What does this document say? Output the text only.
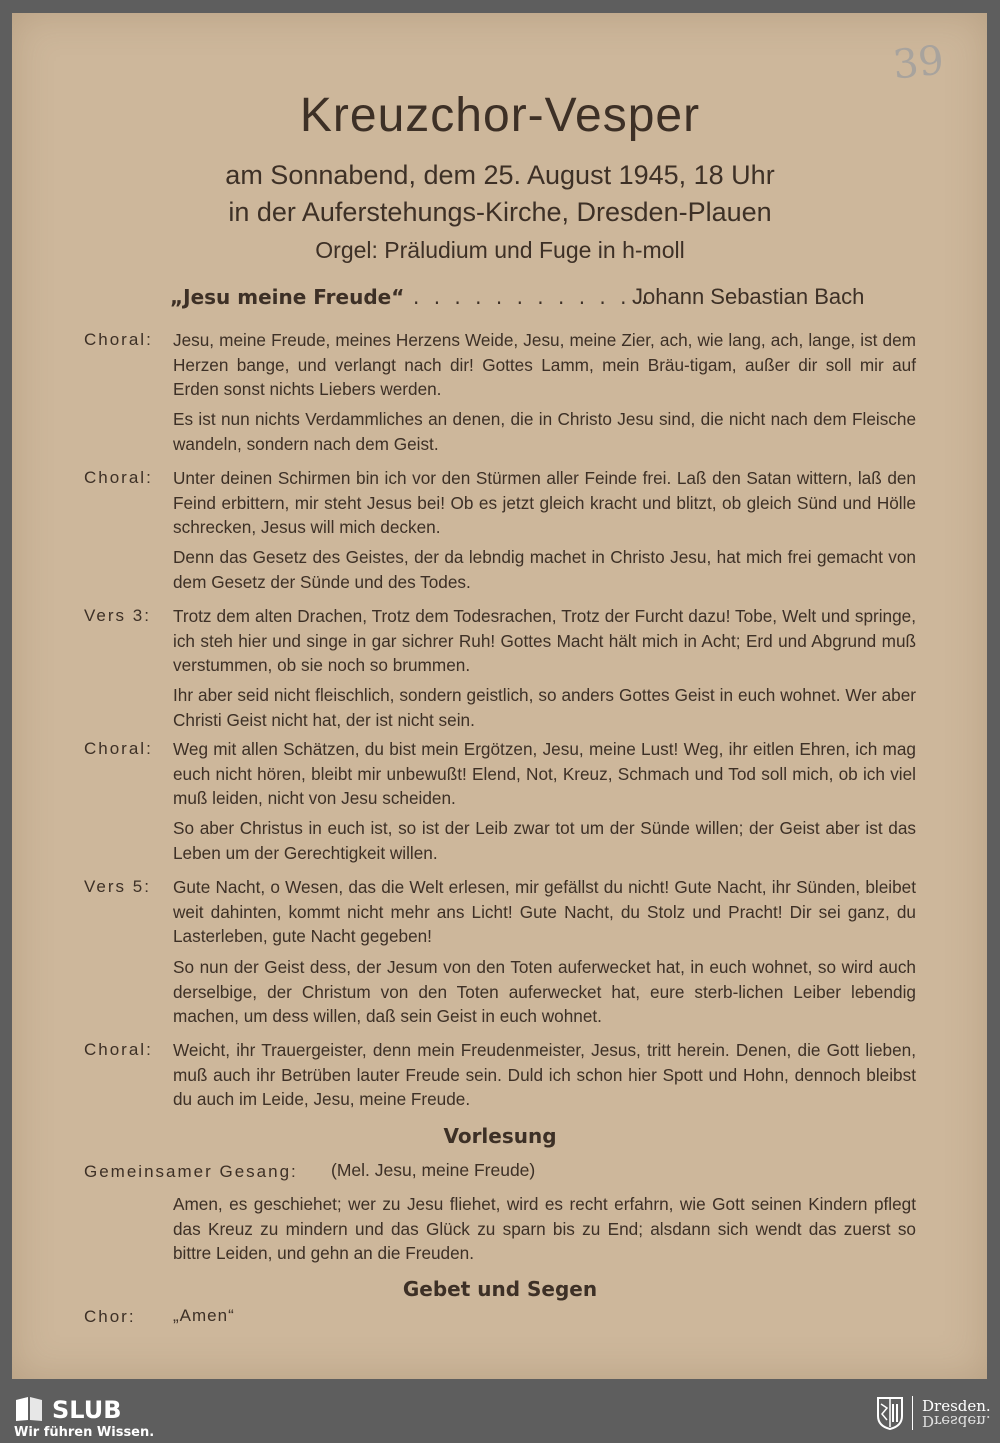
39
Kreuzchor-Vesper
am Sonnabend, dem 25. August 1945, 18 Uhr
in der Auferstehungs-Kirche, Dresden-Plauen
Orgel: Präludium und Fuge in h-moll
„Jesu meine Freude“ . . . . . . . . . . . .
Johann Sebastian Bach
Choral: Jesu, meine Freude, meines Herzens Weide, Jesu, meine Zier, ach, wie lang, ach, lange, ist dem Herzen bange, und verlangt nach dir! Gottes Lamm, mein Bräu-tigam, außer dir soll mir auf Erden sonst nichts Liebers werden.

Es ist nun nichts Verdammliches an denen, die in Christo Jesu sind, die nicht nach dem Fleische wandeln, sondern nach dem Geist.

Choral: Unter deinen Schirmen bin ich vor den Stürmen aller Feinde frei. Laß den Satan wittern, laß den Feind erbittern, mir steht Jesus bei! Ob es jetzt gleich kracht und blitzt, ob gleich Sünd und Hölle schrecken, Jesus will mich decken.

Denn das Gesetz des Geistes, der da lebndig machet in Christo Jesu, hat mich frei gemacht von dem Gesetz der Sünde und des Todes.

Vers 3: Trotz dem alten Drachen, Trotz dem Todesrachen, Trotz der Furcht dazu! Tobe, Welt und springe, ich steh hier und singe in gar sichrer Ruh! Gottes Macht hält mich in Acht; Erd und Abgrund muß verstummen, ob sie noch so brummen.

Ihr aber seid nicht fleischlich, sondern geistlich, so anders Gottes Geist in euch wohnet. Wer aber Christi Geist nicht hat, der ist nicht sein.

Choral: Weg mit allen Schätzen, du bist mein Ergötzen, Jesu, meine Lust! Weg, ihr eitlen Ehren, ich mag euch nicht hören, bleibt mir unbewußt! Elend, Not, Kreuz, Schmach und Tod soll mich, ob ich viel muß leiden, nicht von Jesu scheiden.

So aber Christus in euch ist, so ist der Leib zwar tot um der Sünde willen; der Geist aber ist das Leben um der Gerechtigkeit willen.

Vers 5: Gute Nacht, o Wesen, das die Welt erlesen, mir gefällst du nicht! Gute Nacht, ihr Sünden, bleibet weit dahinten, kommt nicht mehr ans Licht! Gute Nacht, du Stolz und Pracht! Dir sei ganz, du Lasterleben, gute Nacht gegeben!

So nun der Geist dess, der Jesum von den Toten auferwecket hat, in euch wohnet, so wird auch derselbige, der Christum von den Toten auferwecket hat, eure sterb-lichen Leiber lebendig machen, um dess willen, daß sein Geist in euch wohnet.

Choral: Weicht, ihr Trauergeister, denn mein Freudenmeister, Jesus, tritt herein. Denen, die Gott lieben, muß auch ihr Betrüben lauter Freude sein. Duld ich schon hier Spott und Hohn, dennoch bleibst du auch im Leide, Jesu, meine Freude.

Vorlesung
Gemeinsamer Gesang: (Mel. Jesu, meine Freude)

Amen, es geschiehet; wer zu Jesu fliehet, wird es recht erfahrn, wie Gott seinen Kindern pflegt das Kreuz zu mindern und das Glück zu sparn bis zu End; alsdann sich wendt das zuerst so bittre Leiden, und gehn an die Freuden.

Gebet und Segen
Chor: „Amen“
SLUB
Wir führen Wissen.
Dresden.
Dresden.
